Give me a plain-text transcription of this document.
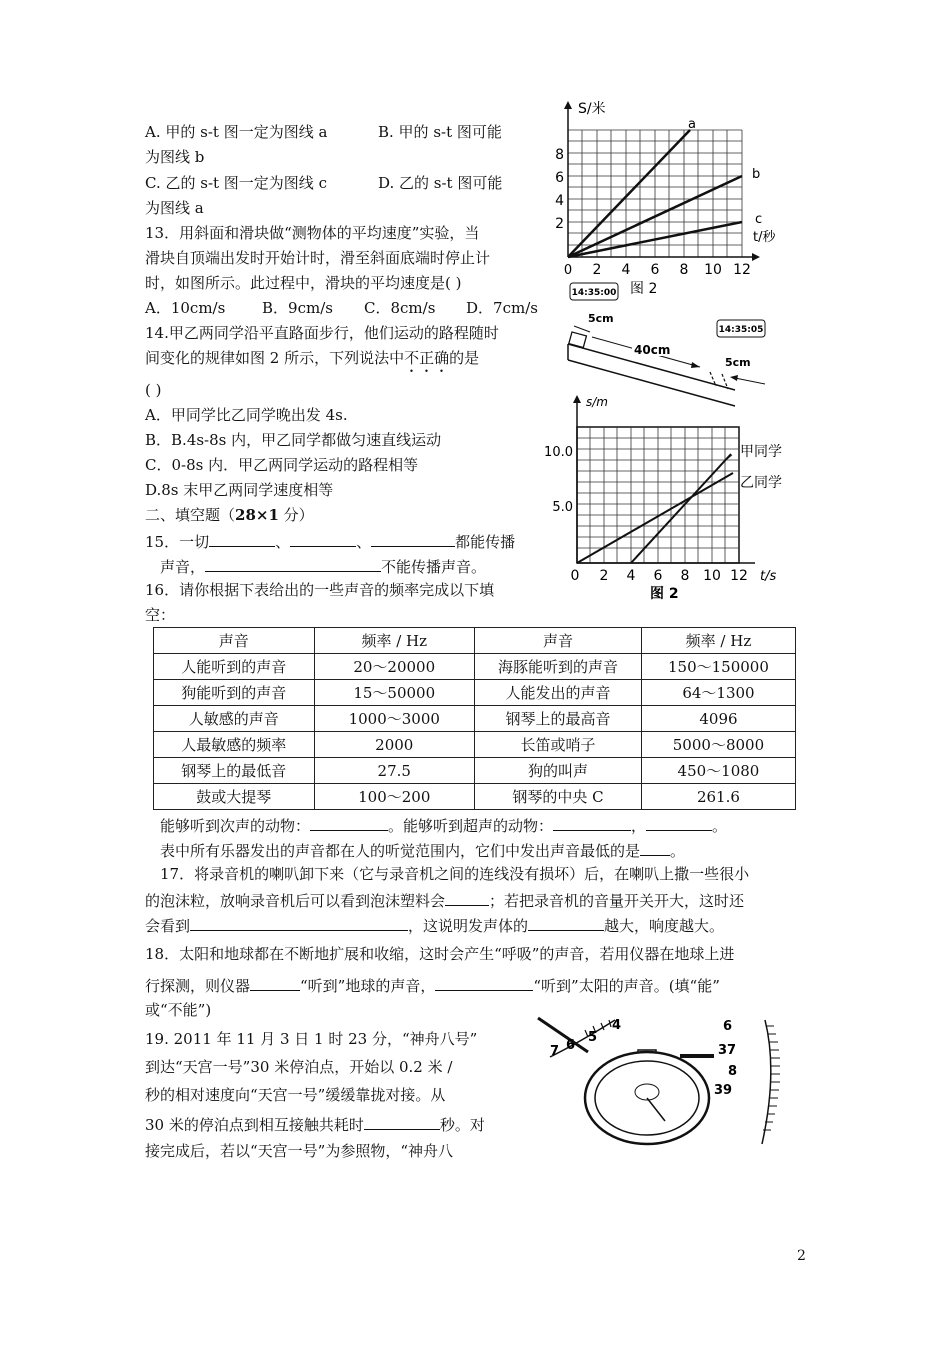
A. 甲的 s-t 图一定为图线 a	B. 甲的 s-t 图可能
为图线 b
C. 乙的 s-t 图一定为图线 c	D. 乙的 s-t 图可能
为图线 a
13．用斜面和滑块做“测物体的平均速度”实验，当
滑块自顶端出发时开始计时，滑至斜面底端时停止计
时，如图所示。此过程中，滑块的平均速度是( )
A．10cm/s B．9cm/s C．8cm/s D．7cm/s
14.甲乙两同学沿平直路面步行，他们运动的路程随时
间变化的规律如图 2 所示，下列说法中不正确的是
( )
A．甲同学比乙同学晚出发 4s.
B．B.4s-8s 内，甲乙同学都做匀速直线运动
C．0-8s 内．甲乙两同学运动的路程相等
D.8s 末甲乙两同学速度相等
二、填空题（28×1 分）
15．一切	、	、	都能传播
声音，	不能传播声音。
16．请你根据下表给出的一些声音的频率完成以下填
空：
声音	频率 / Hz	声音	频率 / Hz
人能听到的声音	20～20000	海豚能听到的声音	150～150000
狗能听到的声音	15～50000	人能发出的声音	64～1300
人敏感的声音	1000～3000	钢琴上的最高音	4096
人最敏感的频率	2000	长笛或哨子	5000～8000
钢琴上的最低音	27.5	狗的叫声	450～1080
鼓或大提琴	100～200	钢琴的中央 C	261.6
能够听到次声的动物：	。能够听到超声的动物：	，	。
表中所有乐器发出的声音都在人的听觉范围内，它们中发出声音最低的是 。
17．将录音机的喇叭卸下来（它与录音机之间的连线没有损坏）后，在喇叭上撒一些很小
的泡沫粒，放响录音机后可以看到泡沫塑料会	；若把录音机的音量开关开大，这时还
会看到	，这说明发声体的	越大，响度越大。
18．太阳和地球都在不断地扩展和收缩，这时会产生“呼吸”的声音，若用仪器在地球上进
行探测，则仪器	“听到”地球的声音，	“听到”太阳的声音。(填“能”
或“不能”)
19. 2011 年 11 月 3 日 1 时 23 分，“神舟八号”
到达“天宫一号”30 米停泊点，开始以 0.2 米 /
秒的相对速度向“天宫一号”缓缓靠拢对接。从
30 米的停泊点到相互接触共耗时	秒。对
接完成后，若以“天宫一号”为参照物，“神舟八
2
a
b
c
S/米
t/秒
8
6
4
2
0 2 4 6 8 10 12
图 2
14:35:00
14:35:05
5cm
40cm
5cm
s/m
t/s
10.0
5.0
0 2 4 6 8 10 12
甲同学
乙同学
图 2
4
5
6
7
6
37
8
39
